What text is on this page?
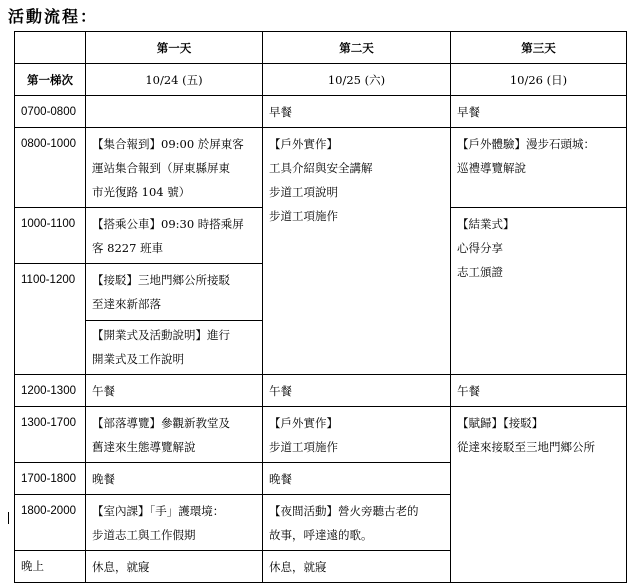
活動流程：
	第一天	第二天	第三天
第一梯次	10/24 (五)	10/25 (六)	10/26 (日)
0700-0800		早餐	早餐
0800-1000	【集合報到】09:00 於屏東客
運站集合報到（屏東縣屏東
市光復路 104 號）	【戶外實作】
工具介紹與安全講解
步道工項說明
步道工項施作	【戶外體驗】漫步石頭城：
巡禮導覽解說

1000-1100	【搭乘公車】09:30 時搭乘屏
客 8227 班車		【結業式】
心得分享
志工頒證

1100-1200	【接駁】三地門鄉公所接駁
至達來新部落
【開業式及活動說明】進行
開業式及工作說明		

1200-1300	午餐	午餐	午餐
1300-1700	【部落導覽】參觀新教堂及
舊達來生態導覽解說	【戶外實作】
步道工項施作	【賦歸】【接駁】
從達來接駁至三地門鄉公所

1700-1800	晚餐	晚餐	
1800-2000	【室內課】「手」護環境：
步道志工與工作假期	【夜間活動】營火旁聽古老的
故事，呼達遠的歌。	

晚上	休息，就寢	休息，就寢	
